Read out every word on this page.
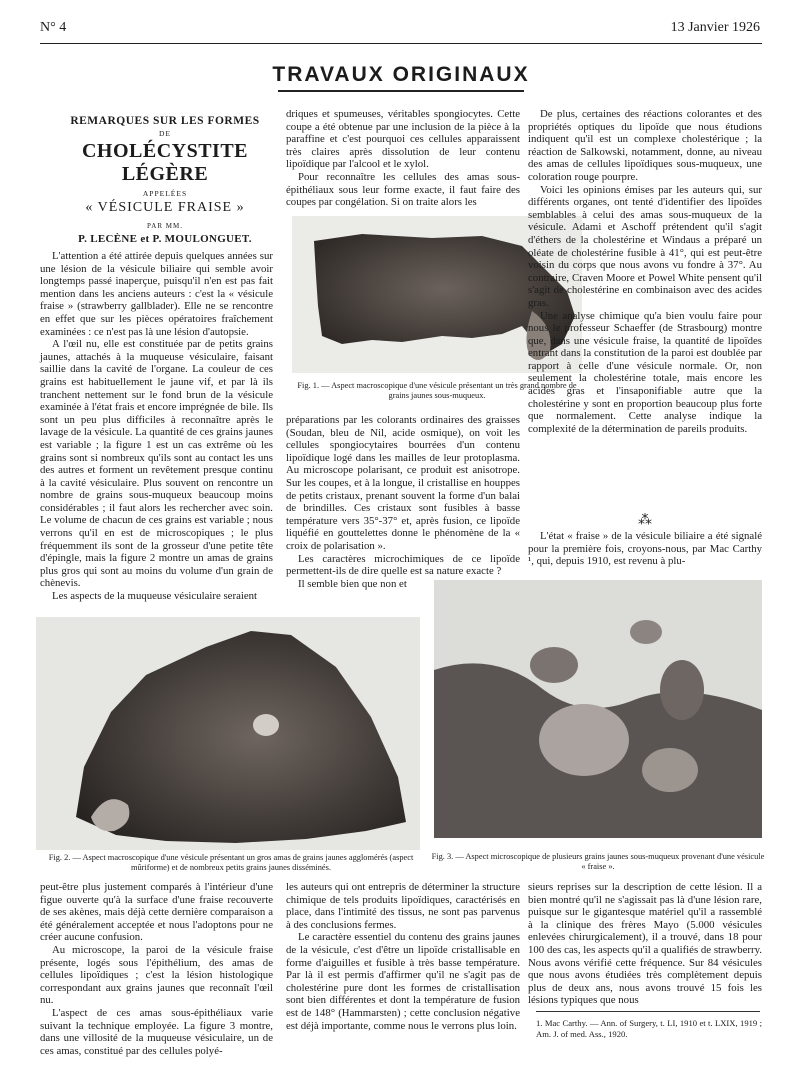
N° 4	13 Janvier 1926
TRAVAUX ORIGINAUX
REMARQUES SUR LES FORMES
DE
CHOLÉCYSTITE LÉGÈRE
APPELÉES
« VÉSICULE FRAISE »
PAR MM.
P. LECÈNE et P. MOULONGUET.

L'attention a été attirée depuis quelques années sur une lésion de la vésicule biliaire qui semble avoir longtemps passé inaperçue, puisqu'il n'en est pas fait mention dans les anciens auteurs : c'est la « vésicule fraise » (strawberry gallblader). Elle ne se rencontre en effet que sur les pièces opératoires fraîchement examinées : ce n'est pas là une lésion d'autopsie.

A l'œil nu, elle est constituée par de petits grains jaunes, attachés à la muqueuse vésiculaire, faisant saillie dans la cavité de l'organe. La couleur de ces grains est habituellement le jaune vif, et par là ils tranchent nettement sur le fond brun de la vésicule examinée à l'état frais et encore imprégnée de bile. Ils sont un peu plus difficiles à reconnaître après le lavage de la vésicule. La quantité de ces grains jaunes est variable ; la figure 1 est un cas extrême où les grains sont si nombreux qu'ils sont au contact les uns des autres et forment un revêtement presque continu à la cavité vésiculaire. Plus souvent on rencontre un nombre de grains sous-muqueux beaucoup moins considérables ; il faut alors les rechercher avec soin. Le volume de chacun de ces grains est variable ; nous verrons qu'il en est de microscopiques ; le plus fréquemment ils sont de la grosseur d'une petite tête d'épingle, mais la figure 2 montre un amas de grains plus gros qui sont au moins du volume d'un grain de chènevis.

Les aspects de la muqueuse vésiculaire seraient

driques et spumeuses, véritables spongiocytes. Cette coupe a été obtenue par une inclusion de la pièce à la paraffine et c'est pourquoi ces cellules apparaissent très claires après dissolution de leur contenu lipoïdique par l'alcool et le xylol.

Pour reconnaître les cellules des amas sous-épithéliaux sous leur forme exacte, il faut faire des coupes par congélation. Si on traite alors les

Fig. 1. — Aspect macroscopique d'une vésicule présentant un très grand nombre de grains jaunes sous-muqueux.

préparations par les colorants ordinaires des graisses (Soudan, bleu de Nil, acide osmique), on voit les cellules spongiocytaires bourrées d'un contenu lipoïdique logé dans les mailles de leur protoplasma. Au microscope polarisant, ce produit est anisotrope. Sur les coupes, et à la longue, il cristallise en houppes de petits cristaux, prenant souvent la forme d'un balai de brindilles. Ces cristaux sont fusibles à basse température vers 35°-37° et, après fusion, ce lipoïde liquéfié en gouttelettes donne le phénomène de la « croix de polarisation ».

Les caractères microchimiques de ce lipoïde permettent-ils de dire quelle est sa nature exacte ?

Il semble bien que non et

De plus, certaines des réactions colorantes et des propriétés optiques du lipoïde que nous étudions indiquent qu'il est un complexe cholestérique ; la réaction de Salkowski, notamment, donne, au niveau des amas de cellules lipoïdiques sous-muqueux, une coloration rouge pourpre.

Voici les opinions émises par les auteurs qui, sur différents organes, ont tenté d'identifier des lipoïdes semblables à celui des amas sous-muqueux de la vésicule. Adami et Aschoff prétendent qu'il s'agit d'éthers de la cholestérine et Windaus a préparé un oléate de cholestérine fusible à 41°, qui est peut-être voisin du corps que nous avons vu fondre à 37°. Au contraire, Craven Moore et Powel White pensent qu'il s'agit de cholestérine en combinaison avec des acides gras.

Une analyse chimique qu'a bien voulu faire pour nous le professeur Schaeffer (de Strasbourg) montre que, dans une vésicule fraise, la quantité de lipoïdes entrant dans la constitution de la paroi est doublée par rapport à celle d'une vésicule normale. Or, non seulement la cholestérine totale, mais encore les acides gras et l'insaponifiable autre que la cholestérine y sont en proportion beaucoup plus forte que normalement. Cette analyse indique la complexité de la détermination de pareils produits.

⁂

L'état « fraise » de la vésicule biliaire a été signalé pour la première fois, croyons-nous, par Mac Carthy ¹, qui, depuis 1910, est revenu à plu-

Fig. 2. — Aspect macroscopique d'une vésicule présentant un gros amas de grains jaunes agglomérés (aspect mûriforme) et de nombreux petits grains jaunes disséminés.
Fig. 3. — Aspect microscopique de plusieurs grains jaunes sous-muqueux provenant d'une vésicule « fraise ».

peut-être plus justement comparés à l'intérieur d'une figue ouverte qu'à la surface d'une fraise recouverte de ses akènes, mais déjà cette dernière comparaison a été généralement acceptée et nous l'adoptons pour ne créer aucune confusion.

Au microscope, la paroi de la vésicule fraise présente, logés sous l'épithélium, des amas de cellules lipoïdiques ; c'est la lésion histologique correspondant aux grains jaunes que reconnaît l'œil nu.

L'aspect de ces amas sous-épithéliaux varie suivant la technique employée. La figure 3 montre, dans une villosité de la muqueuse vésiculaire, un de ces amas, constitué par des cellules polyé-

les auteurs qui ont entrepris de déterminer la structure chimique de tels produits lipoïdiques, caractérisés en place, dans l'intimité des tissus, ne sont pas parvenus à des conclusions fermes.

Le caractère essentiel du contenu des grains jaunes de la vésicule, c'est d'être un lipoïde cristallisable en forme d'aiguilles et fusible à très basse température. Par là il est permis d'affirmer qu'il ne s'agit pas de cholestérine pure dont les formes de cristallisation sont bien différentes et dont la température de fusion est de 148° (Hammarsten) ; cette conclusion négative est déjà importante, comme nous le verrons plus loin.

sieurs reprises sur la description de cette lésion. Il a bien montré qu'il ne s'agissait pas là d'une lésion rare, puisque sur le gigantesque matériel qu'il a rassemblé à la clinique des frères Mayo (5.000 vésicules enlevées chirurgicalement), il a trouvé, dans 18 pour 100 des cas, les aspects qu'il a qualifiés de strawberry. Nous avons vérifié cette fréquence. Sur 84 vésicules que nous avons étudiées très complètement depuis plus de deux ans, nous avons trouvé 15 fois les lésions typiques que nous

1. Mac Carthy. — Ann. of Surgery, t. LI, 1910 et t. LXIX, 1919 ; Am. J. of med. Ass., 1920.
